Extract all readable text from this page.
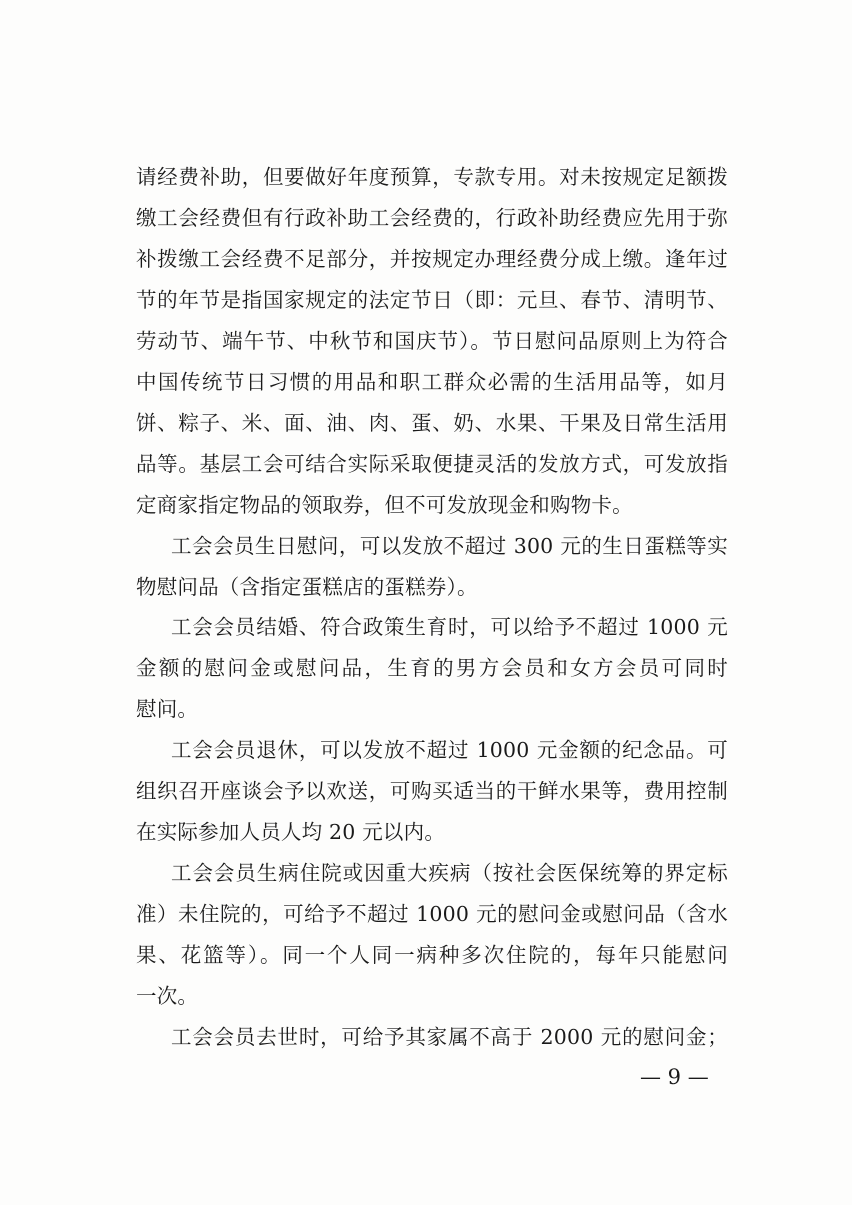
请经费补助，但要做好年度预算，专款专用。对未按规定足额拨
缴工会经费但有行政补助工会经费的，行政补助经费应先用于弥
补拨缴工会经费不足部分，并按规定办理经费分成上缴。逢年过
节的年节是指国家规定的法定节日（即：元旦、春节、清明节、
劳动节、端午节、中秋节和国庆节）。节日慰问品原则上为符合
中国传统节日习惯的用品和职工群众必需的生活用品等，如月
饼、粽子、米、面、油、肉、蛋、奶、水果、干果及日常生活用
品等。基层工会可结合实际采取便捷灵活的发放方式，可发放指
定商家指定物品的领取券，但不可发放现金和购物卡。
工会会员生日慰问，可以发放不超过 300 元的生日蛋糕等实
物慰问品（含指定蛋糕店的蛋糕券）。
工会会员结婚、符合政策生育时，可以给予不超过 1000 元
金额的慰问金或慰问品，生育的男方会员和女方会员可同时
慰问。
工会会员退休，可以发放不超过 1000 元金额的纪念品。可
组织召开座谈会予以欢送，可购买适当的干鲜水果等，费用控制
在实际参加人员人均 20 元以内。
工会会员生病住院或因重大疾病（按社会医保统筹的界定标
准）未住院的，可给予不超过 1000 元的慰问金或慰问品（含水
果、花篮等）。同一个人同一病种多次住院的，每年只能慰问
一次。
工会会员去世时，可给予其家属不高于 2000 元的慰问金；
— 9 —
